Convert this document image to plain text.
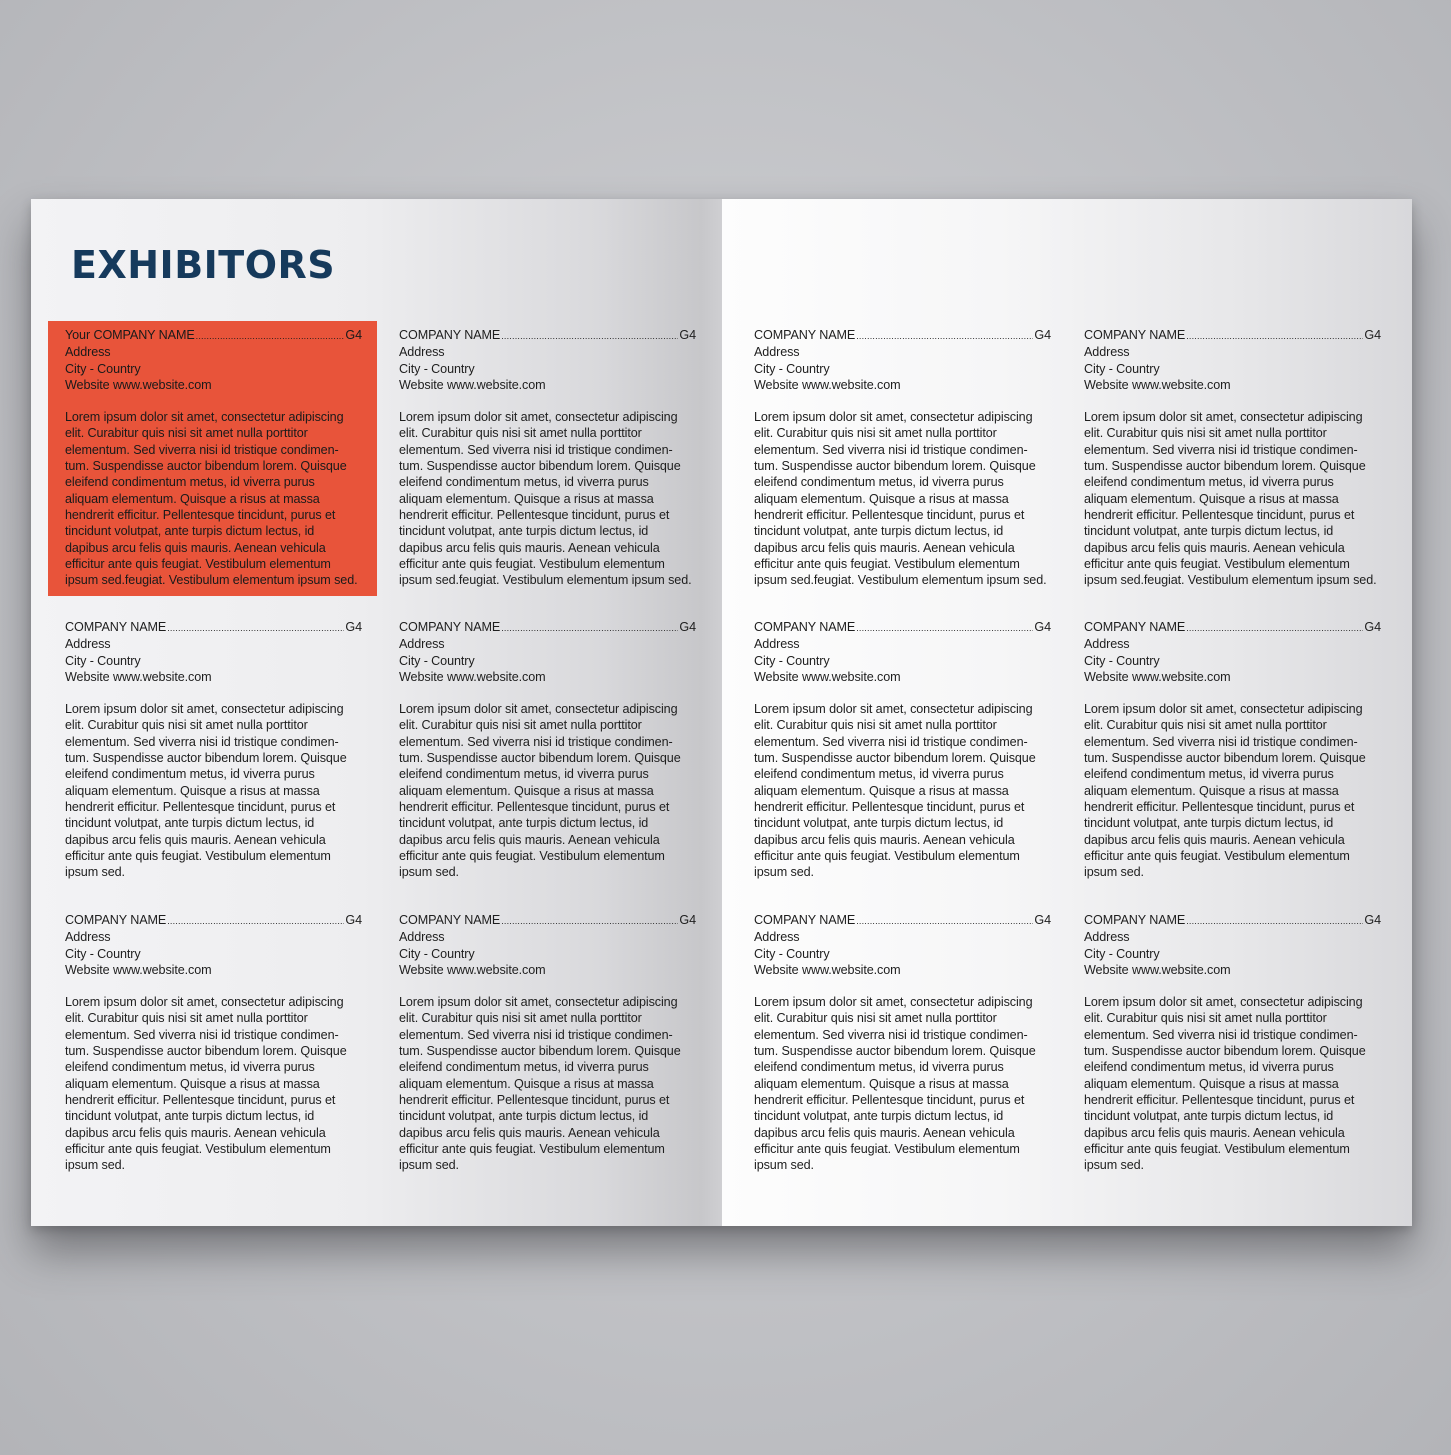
EXHIBITORS
Your COMPANY NAME .....	G4
Address
City - Country
Website www.website.com
Lorem ipsum dolor sit amet, consectetur adipiscing
elit. Curabitur quis nisi sit amet nulla porttitor
elementum. Sed viverra nisi id tristique condimen-
tum. Suspendisse auctor bibendum lorem. Quisque
eleifend condimentum metus, id viverra purus
aliquam elementum. Quisque a risus at massa
hendrerit efficitur. Pellentesque tincidunt, purus et
tincidunt volutpat, ante turpis dictum lectus, id
dapibus arcu felis quis mauris. Aenean vehicula
efficitur ante quis feugiat. Vestibulum elementum
ipsum sed.feugiat. Vestibulum elementum ipsum sed.
COMPANY NAME .....	G4
Address
City - Country
Website www.website.com
Lorem ipsum dolor sit amet, consectetur adipiscing
elit. Curabitur quis nisi sit amet nulla porttitor
elementum. Sed viverra nisi id tristique condimen-
tum. Suspendisse auctor bibendum lorem. Quisque
eleifend condimentum metus, id viverra purus
aliquam elementum. Quisque a risus at massa
hendrerit efficitur. Pellentesque tincidunt, purus et
tincidunt volutpat, ante turpis dictum lectus, id
dapibus arcu felis quis mauris. Aenean vehicula
efficitur ante quis feugiat. Vestibulum elementum
ipsum sed.feugiat. Vestibulum elementum ipsum sed.
COMPANY NAME .....	G4
Address
City - Country
Website www.website.com
Lorem ipsum dolor sit amet, consectetur adipiscing
elit. Curabitur quis nisi sit amet nulla porttitor
elementum. Sed viverra nisi id tristique condimen-
tum. Suspendisse auctor bibendum lorem. Quisque
eleifend condimentum metus, id viverra purus
aliquam elementum. Quisque a risus at massa
hendrerit efficitur. Pellentesque tincidunt, purus et
tincidunt volutpat, ante turpis dictum lectus, id
dapibus arcu felis quis mauris. Aenean vehicula
efficitur ante quis feugiat. Vestibulum elementum
ipsum sed.feugiat. Vestibulum elementum ipsum sed.
COMPANY NAME .....	G4
Address
City - Country
Website www.website.com
Lorem ipsum dolor sit amet, consectetur adipiscing
elit. Curabitur quis nisi sit amet nulla porttitor
elementum. Sed viverra nisi id tristique condimen-
tum. Suspendisse auctor bibendum lorem. Quisque
eleifend condimentum metus, id viverra purus
aliquam elementum. Quisque a risus at massa
hendrerit efficitur. Pellentesque tincidunt, purus et
tincidunt volutpat, ante turpis dictum lectus, id
dapibus arcu felis quis mauris. Aenean vehicula
efficitur ante quis feugiat. Vestibulum elementum
ipsum sed.feugiat. Vestibulum elementum ipsum sed.
COMPANY NAME .....	G4
Address
City - Country
Website www.website.com
Lorem ipsum dolor sit amet, consectetur adipiscing
elit. Curabitur quis nisi sit amet nulla porttitor
elementum. Sed viverra nisi id tristique condimen-
tum. Suspendisse auctor bibendum lorem. Quisque
eleifend condimentum metus, id viverra purus
aliquam elementum. Quisque a risus at massa
hendrerit efficitur. Pellentesque tincidunt, purus et
tincidunt volutpat, ante turpis dictum lectus, id
dapibus arcu felis quis mauris. Aenean vehicula
efficitur ante quis feugiat. Vestibulum elementum
ipsum sed.
COMPANY NAME .....	G4
Address
City - Country
Website www.website.com
Lorem ipsum dolor sit amet, consectetur adipiscing
elit. Curabitur quis nisi sit amet nulla porttitor
elementum. Sed viverra nisi id tristique condimen-
tum. Suspendisse auctor bibendum lorem. Quisque
eleifend condimentum metus, id viverra purus
aliquam elementum. Quisque a risus at massa
hendrerit efficitur. Pellentesque tincidunt, purus et
tincidunt volutpat, ante turpis dictum lectus, id
dapibus arcu felis quis mauris. Aenean vehicula
efficitur ante quis feugiat. Vestibulum elementum
ipsum sed.
COMPANY NAME .....	G4
Address
City - Country
Website www.website.com
Lorem ipsum dolor sit amet, consectetur adipiscing
elit. Curabitur quis nisi sit amet nulla porttitor
elementum. Sed viverra nisi id tristique condimen-
tum. Suspendisse auctor bibendum lorem. Quisque
eleifend condimentum metus, id viverra purus
aliquam elementum. Quisque a risus at massa
hendrerit efficitur. Pellentesque tincidunt, purus et
tincidunt volutpat, ante turpis dictum lectus, id
dapibus arcu felis quis mauris. Aenean vehicula
efficitur ante quis feugiat. Vestibulum elementum
ipsum sed.
COMPANY NAME .....	G4
Address
City - Country
Website www.website.com
Lorem ipsum dolor sit amet, consectetur adipiscing
elit. Curabitur quis nisi sit amet nulla porttitor
elementum. Sed viverra nisi id tristique condimen-
tum. Suspendisse auctor bibendum lorem. Quisque
eleifend condimentum metus, id viverra purus
aliquam elementum. Quisque a risus at massa
hendrerit efficitur. Pellentesque tincidunt, purus et
tincidunt volutpat, ante turpis dictum lectus, id
dapibus arcu felis quis mauris. Aenean vehicula
efficitur ante quis feugiat. Vestibulum elementum
ipsum sed.
COMPANY NAME .....	G4
Address
City - Country
Website www.website.com
Lorem ipsum dolor sit amet, consectetur adipiscing
elit. Curabitur quis nisi sit amet nulla porttitor
elementum. Sed viverra nisi id tristique condimen-
tum. Suspendisse auctor bibendum lorem. Quisque
eleifend condimentum metus, id viverra purus
aliquam elementum. Quisque a risus at massa
hendrerit efficitur. Pellentesque tincidunt, purus et
tincidunt volutpat, ante turpis dictum lectus, id
dapibus arcu felis quis mauris. Aenean vehicula
efficitur ante quis feugiat. Vestibulum elementum
ipsum sed.
COMPANY NAME .....	G4
Address
City - Country
Website www.website.com
Lorem ipsum dolor sit amet, consectetur adipiscing
elit. Curabitur quis nisi sit amet nulla porttitor
elementum. Sed viverra nisi id tristique condimen-
tum. Suspendisse auctor bibendum lorem. Quisque
eleifend condimentum metus, id viverra purus
aliquam elementum. Quisque a risus at massa
hendrerit efficitur. Pellentesque tincidunt, purus et
tincidunt volutpat, ante turpis dictum lectus, id
dapibus arcu felis quis mauris. Aenean vehicula
efficitur ante quis feugiat. Vestibulum elementum
ipsum sed.
COMPANY NAME .....	G4
Address
City - Country
Website www.website.com
Lorem ipsum dolor sit amet, consectetur adipiscing
elit. Curabitur quis nisi sit amet nulla porttitor
elementum. Sed viverra nisi id tristique condimen-
tum. Suspendisse auctor bibendum lorem. Quisque
eleifend condimentum metus, id viverra purus
aliquam elementum. Quisque a risus at massa
hendrerit efficitur. Pellentesque tincidunt, purus et
tincidunt volutpat, ante turpis dictum lectus, id
dapibus arcu felis quis mauris. Aenean vehicula
efficitur ante quis feugiat. Vestibulum elementum
ipsum sed.
COMPANY NAME .....	G4
Address
City - Country
Website www.website.com
Lorem ipsum dolor sit amet, consectetur adipiscing
elit. Curabitur quis nisi sit amet nulla porttitor
elementum. Sed viverra nisi id tristique condimen-
tum. Suspendisse auctor bibendum lorem. Quisque
eleifend condimentum metus, id viverra purus
aliquam elementum. Quisque a risus at massa
hendrerit efficitur. Pellentesque tincidunt, purus et
tincidunt volutpat, ante turpis dictum lectus, id
dapibus arcu felis quis mauris. Aenean vehicula
efficitur ante quis feugiat. Vestibulum elementum
ipsum sed.
